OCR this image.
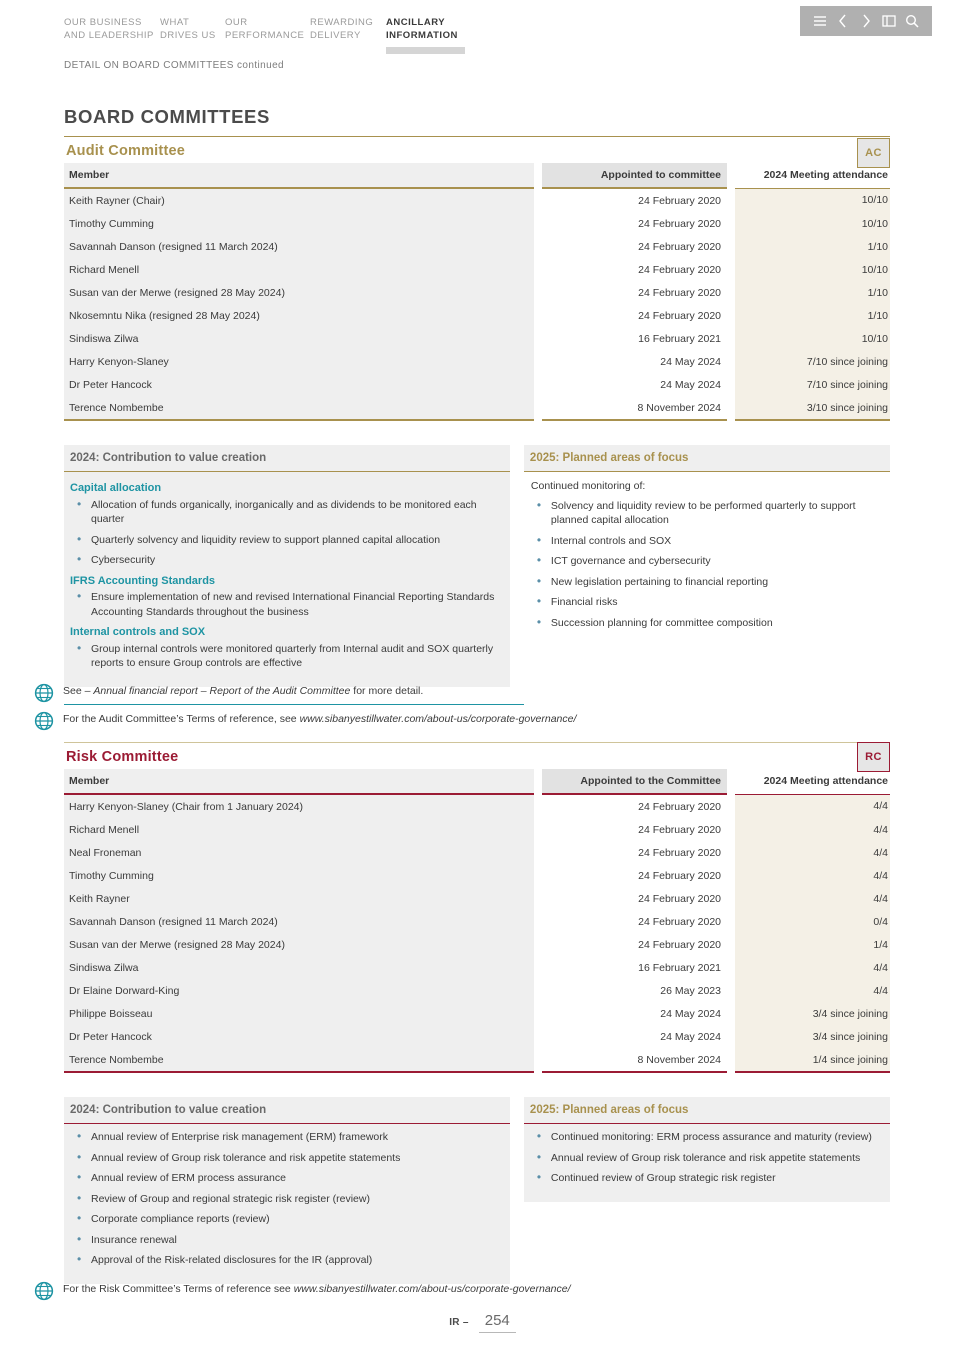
OUR BUSINESS
AND LEADERSHIP
WHAT
DRIVES US
OUR
PERFORMANCE
REWARDING
DELIVERY
ANCILLARY
INFORMATION
DETAIL ON BOARD COMMITTEES continued
BOARD COMMITTEES
Audit Committee	AC
Member		Appointed to committee		2024 Meeting attendance
Keith Rayner (Chair)		24 February 2020		10/10
Timothy Cumming		24 February 2020		10/10
Savannah Danson (resigned 11 March 2024)		24 February 2020		1/10
Richard Menell		24 February 2020		10/10
Susan van der Merwe (resigned 28 May 2024)		24 February 2020		1/10
Nkosemntu Nika (resigned 28 May 2024)		24 February 2020		1/10
Sindiswa Zilwa		16 February 2021		10/10
Harry Kenyon-Slaney		24 May 2024		7/10 since joining
Dr Peter Hancock		24 May 2024		7/10 since joining
Terence Nombembe		8 November 2024		3/10 since joining
2024: Contribution to value creation
Capital allocation
• Allocation of funds organically, inorganically and as dividends to be monitored each quarter
• Quarterly solvency and liquidity review to support planned capital allocation
• Cybersecurity
IFRS Accounting Standards
• Ensure implementation of new and revised International Financial Reporting Standards Accounting Standards throughout the business
Internal controls and SOX
• Group internal controls were monitored quarterly from Internal audit and SOX quarterly reports to ensure Group controls are effective
2025: Planned areas of focus
Continued monitoring of:
• Solvency and liquidity review to be performed quarterly to support planned capital allocation
• Internal controls and SOX
• ICT governance and cybersecurity
• New legislation pertaining to financial reporting
• Financial risks
• Succession planning for committee composition
See – Annual financial report – Report of the Audit Committee for more detail.
For the Audit Committee’s Terms of reference, see www.sibanyestillwater.com/about-us/corporate-governance/
Risk Committee	RC
Member		Appointed to the Committee		2024 Meeting attendance
Harry Kenyon-Slaney (Chair from 1 January 2024)		24 February 2020		4/4
Richard Menell		24 February 2020		4/4
Neal Froneman		24 February 2020		4/4
Timothy Cumming		24 February 2020		4/4
Keith Rayner		24 February 2020		4/4
Savannah Danson (resigned 11 March 2024)		24 February 2020		0/4
Susan van der Merwe (resigned 28 May 2024)		24 February 2020		1/4
Sindiswa Zilwa		16 February 2021		4/4
Dr Elaine Dorward-King		26 May 2023		4/4
Philippe Boisseau		24 May 2024		3/4 since joining
Dr Peter Hancock		24 May 2024		3/4 since joining
Terence Nombembe		8 November 2024		1/4 since joining
2024: Contribution to value creation
• Annual review of Enterprise risk management (ERM) framework
• Annual review of Group risk tolerance and risk appetite statements
• Annual review of ERM process assurance
• Review of Group and regional strategic risk register (review)
• Corporate compliance reports (review)
• Insurance renewal
• Approval of the Risk-related disclosures for the IR (approval)
2025: Planned areas of focus
• Continued monitoring: ERM process assurance and maturity (review)
• Annual review of Group risk tolerance and risk appetite statements
• Continued review of Group strategic risk register
For the Risk Committee’s Terms of reference see www.sibanyestillwater.com/about-us/corporate-governance/
IR –	254
